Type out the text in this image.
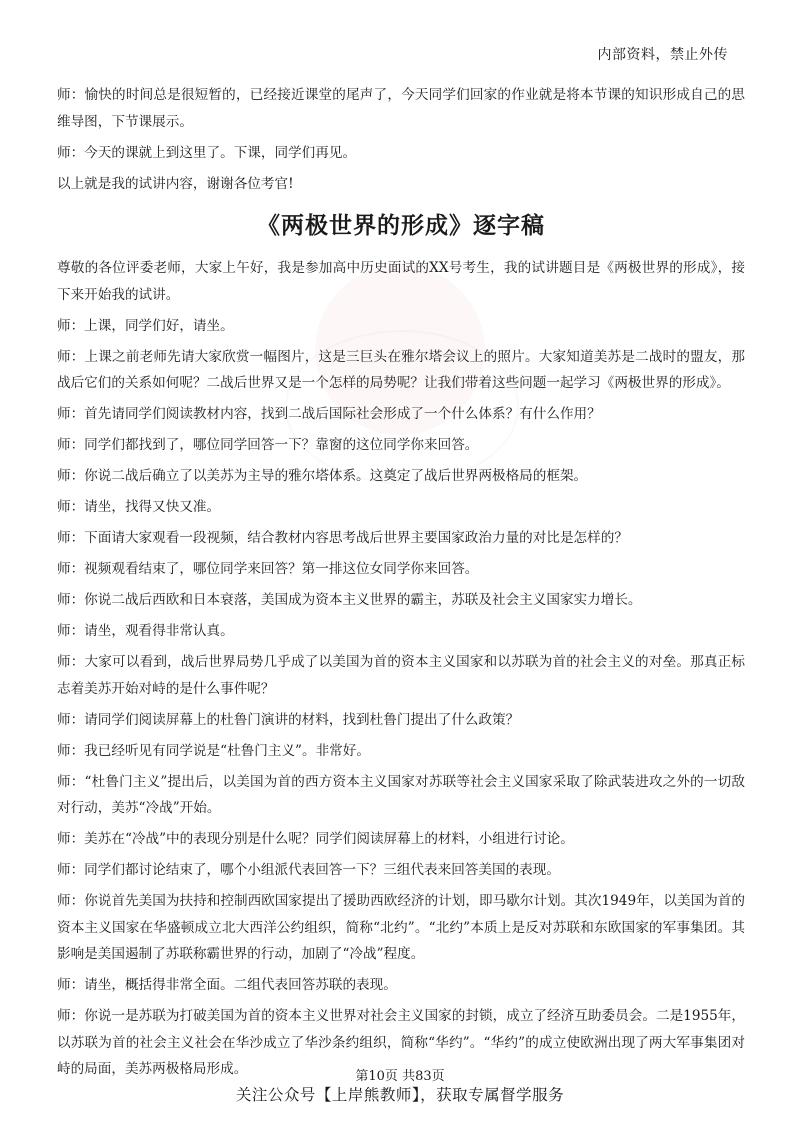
内部资料，禁止外传

师：愉快的时间总是很短暂的，已经接近课堂的尾声了，今天同学们回家的作业就是将本节课的知识形成自己的思维导图，下节课展示。

师：今天的课就上到这里了。下课，同学们再见。

以上就是我的试讲内容，谢谢各位考官!

《两极世界的形成》逐字稿

尊敬的各位评委老师，大家上午好，我是参加高中历史面试的XX号考生，我的试讲题目是《两极世界的形成》，接下来开始我的试讲。

师：上课，同学们好，请坐。

师：上课之前老师先请大家欣赏一幅图片，这是三巨头在雅尔塔会议上的照片。大家知道美苏是二战时的盟友，那战后它们的关系如何呢？二战后世界又是一个怎样的局势呢？让我们带着这些问题一起学习《两极世界的形成》。

师：首先请同学们阅读教材内容，找到二战后国际社会形成了一个什么体系？有什么作用？

师：同学们都找到了，哪位同学回答一下？靠窗的这位同学你来回答。

师：你说二战后确立了以美苏为主导的雅尔塔体系。这奠定了战后世界两极格局的框架。

师：请坐，找得又快又准。

师：下面请大家观看一段视频，结合教材内容思考战后世界主要国家政治力量的对比是怎样的？

师：视频观看结束了，哪位同学来回答？第一排这位女同学你来回答。

师：你说二战后西欧和日本衰落，美国成为资本主义世界的霸主，苏联及社会主义国家实力增长。

师：请坐，观看得非常认真。

师：大家可以看到，战后世界局势几乎成了以美国为首的资本主义国家和以苏联为首的社会主义的对垒。那真正标志着美苏开始对峙的是什么事件呢？

师：请同学们阅读屏幕上的杜鲁门演讲的材料，找到杜鲁门提出了什么政策？

师：我已经听见有同学说是“杜鲁门主义”。非常好。

师：“杜鲁门主义”提出后，以美国为首的西方资本主义国家对苏联等社会主义国家采取了除武装进攻之外的一切敌对行动，美苏“冷战”开始。

师：美苏在“冷战”中的表现分别是什么呢？同学们阅读屏幕上的材料，小组进行讨论。

师：同学们都讨论结束了，哪个小组派代表回答一下？三组代表来回答美国的表现。

师：你说首先美国为扶持和控制西欧国家提出了援助西欧经济的计划，即马歇尔计划。其次1949年，以美国为首的资本主义国家在华盛顿成立北大西洋公约组织，简称“北约”。“北约”本质上是反对苏联和东欧国家的军事集团。其影响是美国遏制了苏联称霸世界的行动，加剧了“冷战”程度。

师：请坐，概括得非常全面。二组代表回答苏联的表现。

师：你说一是苏联为打破美国为首的资本主义世界对社会主义国家的封锁，成立了经济互助委员会。二是1955年，以苏联为首的社会主义社会在华沙成立了华沙条约组织，简称“华约”。“华约”的成立使欧洲出现了两大军事集团对峙的局面，美苏两极格局形成。	第10页 共83页
关注公众号【上岸熊教师】，获取专属督学服务
